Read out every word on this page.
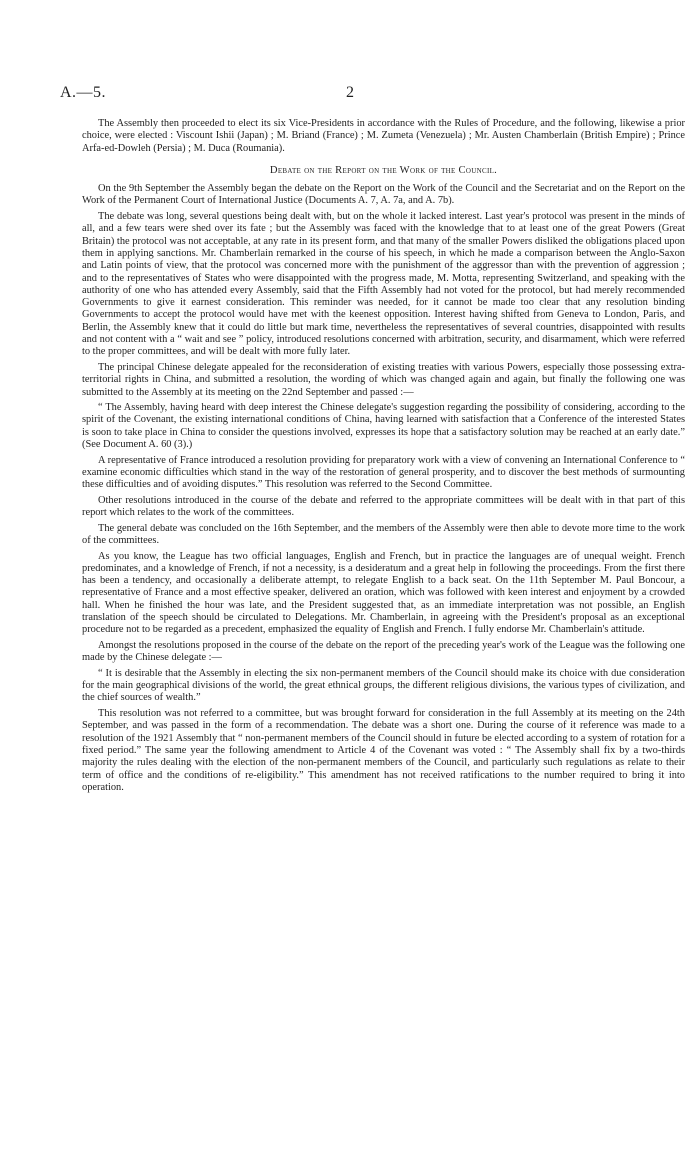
A.—5.	2

The Assembly then proceeded to elect its six Vice-Presidents in accordance with the Rules of Procedure, and the following, likewise a prior choice, were elected : Viscount Ishii (Japan) ; M. Briand (France) ; M. Zumeta (Venezuela) ; Mr. Austen Chamberlain (British Empire) ; Prince Arfa-ed-Dowleh (Persia) ; M. Duca (Roumania).

Debate on the Report on the Work of the Council.

On the 9th September the Assembly began the debate on the Report on the Work of the Council and the Secretariat and on the Report on the Work of the Permanent Court of International Justice (Documents A. 7, A. 7a, and A. 7b).

The debate was long, several questions being dealt with, but on the whole it lacked interest. Last year's protocol was present in the minds of all, and a few tears were shed over its fate ; but the Assembly was faced with the knowledge that to at least one of the great Powers (Great Britain) the protocol was not acceptable, at any rate in its present form, and that many of the smaller Powers disliked the obligations placed upon them in applying sanctions. Mr. Chamberlain remarked in the course of his speech, in which he made a comparison between the Anglo-Saxon and Latin points of view, that the protocol was concerned more with the punishment of the aggressor than with the prevention of aggression ; and to the representatives of States who were disappointed with the progress made, M. Motta, representing Switzerland, and speaking with the authority of one who has attended every Assembly, said that the Fifth Assembly had not voted for the protocol, but had merely recommended Governments to give it earnest consideration. This reminder was needed, for it cannot be made too clear that any resolution binding Governments to accept the protocol would have met with the keenest opposition. Interest having shifted from Geneva to London, Paris, and Berlin, the Assembly knew that it could do little but mark time, nevertheless the representatives of several countries, disappointed with results and not content with a “ wait and see ” policy, introduced resolutions concerned with arbitration, security, and disarmament, which were referred to the proper committees, and will be dealt with more fully later.

The principal Chinese delegate appealed for the reconsideration of existing treaties with various Powers, especially those possessing extra-territorial rights in China, and submitted a resolution, the wording of which was changed again and again, but finally the following one was submitted to the Assembly at its meeting on the 22nd September and passed :—

“ The Assembly, having heard with deep interest the Chinese delegate's suggestion regarding the possibility of considering, according to the spirit of the Covenant, the existing international conditions of China, having learned with satisfaction that a Conference of the interested States is soon to take place in China to consider the questions involved, expresses its hope that a satisfactory solution may be reached at an early date.” (See Document A. 60 (3).)

A representative of France introduced a resolution providing for preparatory work with a view of convening an International Conference to “ examine economic difficulties which stand in the way of the restoration of general prosperity, and to discover the best methods of surmounting these difficulties and of avoiding disputes.” This resolution was referred to the Second Committee.

Other resolutions introduced in the course of the debate and referred to the appropriate committees will be dealt with in that part of this report which relates to the work of the committees.

The general debate was concluded on the 16th September, and the members of the Assembly were then able to devote more time to the work of the committees.

As you know, the League has two official languages, English and French, but in practice the languages are of unequal weight. French predominates, and a knowledge of French, if not a necessity, is a desideratum and a great help in following the proceedings. From the first there has been a tendency, and occasionally a deliberate attempt, to relegate English to a back seat. On the 11th September M. Paul Boncour, a representative of France and a most effective speaker, delivered an oration, which was followed with keen interest and enjoyment by a crowded hall. When he finished the hour was late, and the President suggested that, as an immediate interpretation was not possible, an English translation of the speech should be circulated to Delegations. Mr. Chamberlain, in agreeing with the President's proposal as an exceptional procedure not to be regarded as a precedent, emphasized the equality of English and French. I fully endorse Mr. Chamberlain's attitude.

Amongst the resolutions proposed in the course of the debate on the report of the preceding year's work of the League was the following one made by the Chinese delegate :—

“ It is desirable that the Assembly in electing the six non-permanent members of the Council should make its choice with due consideration for the main geographical divisions of the world, the great ethnical groups, the different religious divisions, the various types of civilization, and the chief sources of wealth.”

This resolution was not referred to a committee, but was brought forward for consideration in the full Assembly at its meeting on the 24th September, and was passed in the form of a recommendation. The debate was a short one. During the course of it reference was made to a resolution of the 1921 Assembly that “ non-permanent members of the Council should in future be elected according to a system of rotation for a fixed period.” The same year the following amendment to Article 4 of the Covenant was voted : “ The Assembly shall fix by a two-thirds majority the rules dealing with the election of the non-permanent members of the Council, and particularly such regulations as relate to their term of office and the conditions of re-eligibility.” This amendment has not received ratifications to the number required to bring it into operation.
